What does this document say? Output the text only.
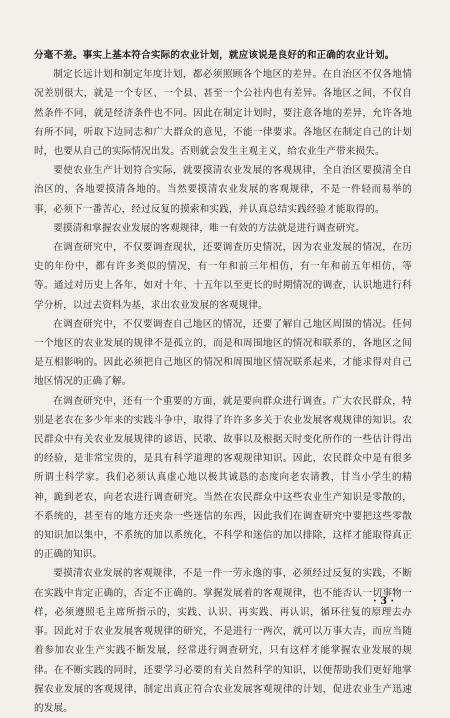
分毫不差。事实上基本符合实际的农业计划，就应该说是良好的和正确的农业计划。

制定长远计划和制定年度计划，都必须照顾各个地区的差异。在自治区不仅各地情况差别很大，就是一个专区、一个县、甚至一个公社内也有差异。各地区之间，不仅自然条件不同，就是经济条件也不同。因此在制定计划时，要注意各地的差异，允许各地有所不同，听取下边同志和广大群众的意见，不能一律要求。各地区在制定自己的计划时，也要从自己的实际情况出发。否则就会发生主观主义，给农业生产带来损失。

要使农业生产计划符合实际，就要摸清农业发展的客观规律，全自治区要摸清全自治区的，各地要摸清各地的。当然要摸清农业发展的客观规律，不是一件轻而易举的事，必须下一番苦心，经过反复的摸索和实践，并认真总结实践经验才能取得的。

要摸清和掌握农业发展的客观规律，唯一有效的方法就是进行调查研究。

在调查研究中，不仅要调查现状，还要调查历史情况，因为农业发展的情况，在历史的年份中，都有许多类似的情况，有一年和前三年相仿，有一年和前五年相仿，等等。通过对历史上各年，如对十年、十五年以至更长的时期情况的调查，认识地进行科学分析，以过去资料为基，求出农业发展的客观规律。

在调查研究中，不仅要调查自己地区的情况，还要了解自己地区周围的情况。任何一个地区的农业发展的规律不是孤立的，而是和周围地区的情况和联系的，各地区之间是互相影响的。因此必须把自己地区的情况和周围地区情况联系起来，才能求得对自己地区情况的正确了解。

在调查研究中，还有一个重要的方面，就是要向群众进行调查。广大农民群众，特别是老农在多少年来的实践斗争中，取得了许许多多关于农业发展客观规律的知识。农民群众中有关农业发展规律的谚语、民歌、故事以及根据天时变化所作的一些估计得出的经验，是非常宝贵的，是具有科学道理的客观规律知识。因此，农民群众中是有很多所谓土科学家。我们必须认真虚心地以极其诚恳的态度向老农请教，甘当小学生的精神，跪到老农，向老农进行调查研究。当然在农民群众中这些农业生产知识是零散的，不系统的，甚至有的地方还夹杂一些迷信的东西，因此我们在调查研究中要把这些零散的知识加以集中，不系统的加以系统化，不科学和迷信的加以排除，这样才能取得真正的正确的知识。

要摸清农业发展的客观规律，不是一件一劳永逸的事，必须经过反复的实践，不断在实践中肯定正确的，否定不正确的。掌握发展着的客观规律，也不能否认一切事物一样，必须遵照毛主席所指示的，实践、认识、再实践、再认识，循环往复的原理去办事。因此对于农业发展客观规律的研究，不是进行一两次，就可以万事大吉，而应当随着参加农业生产实践不断发展，经常进行调查研究，只有这样才能掌握农业发展的规律。在不断实践的同时，还要学习必要的有关自然科学的知识，以便帮助我们更好地掌握农业发展的客观规律，制定出真正符合农业发展客观规律的计划，促进农业生产迅速的发展。

· 3 ·
